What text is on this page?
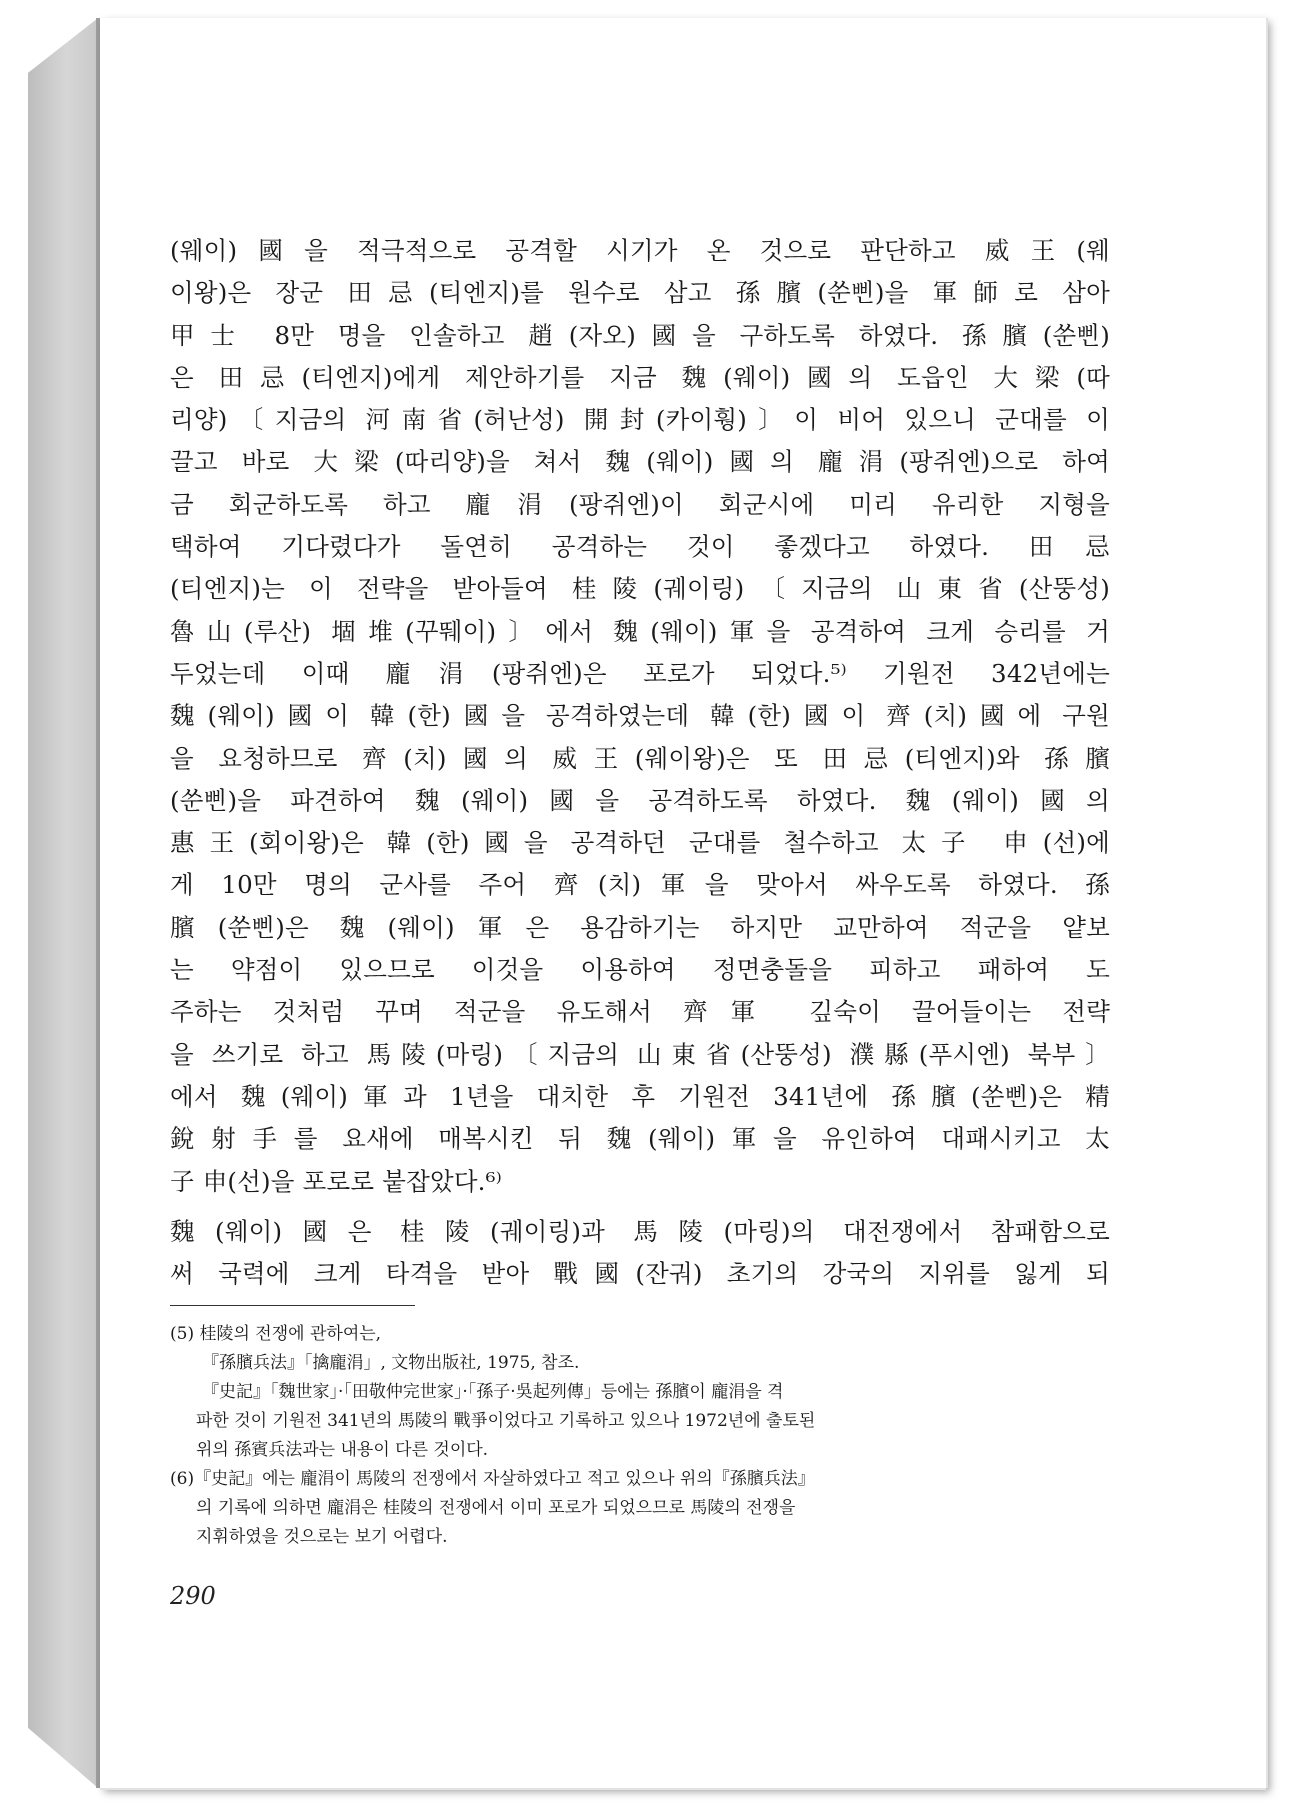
(웨이)國을 적극적으로 공격할 시기가 온 것으로 판단하고 威王(웨
이왕)은 장군 田忌(티엔지)를 원수로 삼고 孫臏(쑨삔)을 軍師로 삼아
甲士 8만 명을 인솔하고 趙(자오)國을 구하도록 하였다. 孫臏(쑨삔)
은 田忌(티엔지)에게 제안하기를 지금 魏(웨이)國의 도읍인 大梁(따
리양)〔지금의 河南省(허난성) 開封(카이훵)〕이 비어 있으니 군대를 이
끌고 바로 大梁(따리양)을 쳐서 魏(웨이)國의 龐涓(팡쥐엔)으로 하여
금 회군하도록 하고 龐涓(팡쥐엔)이 회군시에 미리 유리한 지형을
택하여 기다렸다가 돌연히 공격하는 것이 좋겠다고 하였다. 田忌
(티엔지)는 이 전략을 받아들여 桂陵(궤이링)〔지금의 山東省(산뚱성)
魯山(루산) 堌堆(꾸뛔이)〕에서 魏(웨이)軍을 공격하여 크게 승리를 거
두었는데 이때 龐涓(팡쥐엔)은 포로가 되었다.⁵⁾ 기원전 342년에는
魏(웨이)國이 韓(한)國을 공격하였는데 韓(한)國이 齊(치)國에 구원
을 요청하므로 齊(치)國의 威王(웨이왕)은 또 田忌(티엔지)와 孫臏
(쑨삔)을 파견하여 魏(웨이)國을 공격하도록 하였다. 魏(웨이)國의
惠王(회이왕)은 韓(한)國을 공격하던 군대를 철수하고 太子 申(선)에
게 10만 명의 군사를 주어 齊(치)軍을 맞아서 싸우도록 하였다. 孫
臏(쑨삔)은 魏(웨이)軍은 용감하기는 하지만 교만하여 적군을 얕보
는 약점이 있으므로 이것을 이용하여 정면충돌을 피하고 패하여 도
주하는 것처럼 꾸며 적군을 유도해서 齊軍 깊숙이 끌어들이는 전략
을 쓰기로 하고 馬陵(마링)〔지금의 山東省(산뚱성) 濮縣(푸시엔) 북부〕
에서 魏(웨이)軍과 1년을 대치한 후 기원전 341년에 孫臏(쑨삔)은 精
銳射手를 요새에 매복시킨 뒤 魏(웨이)軍을 유인하여 대패시키고 太
子 申(선)을 포로로 붙잡았다.⁶⁾
魏(웨이)國은 桂陵(궤이링)과 馬陵(마링)의 대전쟁에서 참패함으로
써 국력에 크게 타격을 받아 戰國(잔궈) 초기의 강국의 지위를 잃게 되
(5) 桂陵의 전쟁에 관하여는,
『孫臏兵法』「擒龐涓」, 文物出版社, 1975, 참조.
『史記』「魏世家」·「田敬仲完世家」·「孫子·吳起列傳」등에는 孫臏이 龐涓을 격
파한 것이 기원전 341년의 馬陵의 戰爭이었다고 기록하고 있으나 1972년에 출토된
위의 孫賓兵法과는 내용이 다른 것이다.
(6)『史記』에는 龐涓이 馬陵의 전쟁에서 자살하였다고 적고 있으나 위의『孫臏兵法』
의 기록에 의하면 龐涓은 桂陵의 전쟁에서 이미 포로가 되었으므로 馬陵의 전쟁을
지휘하였을 것으로는 보기 어렵다.
290
